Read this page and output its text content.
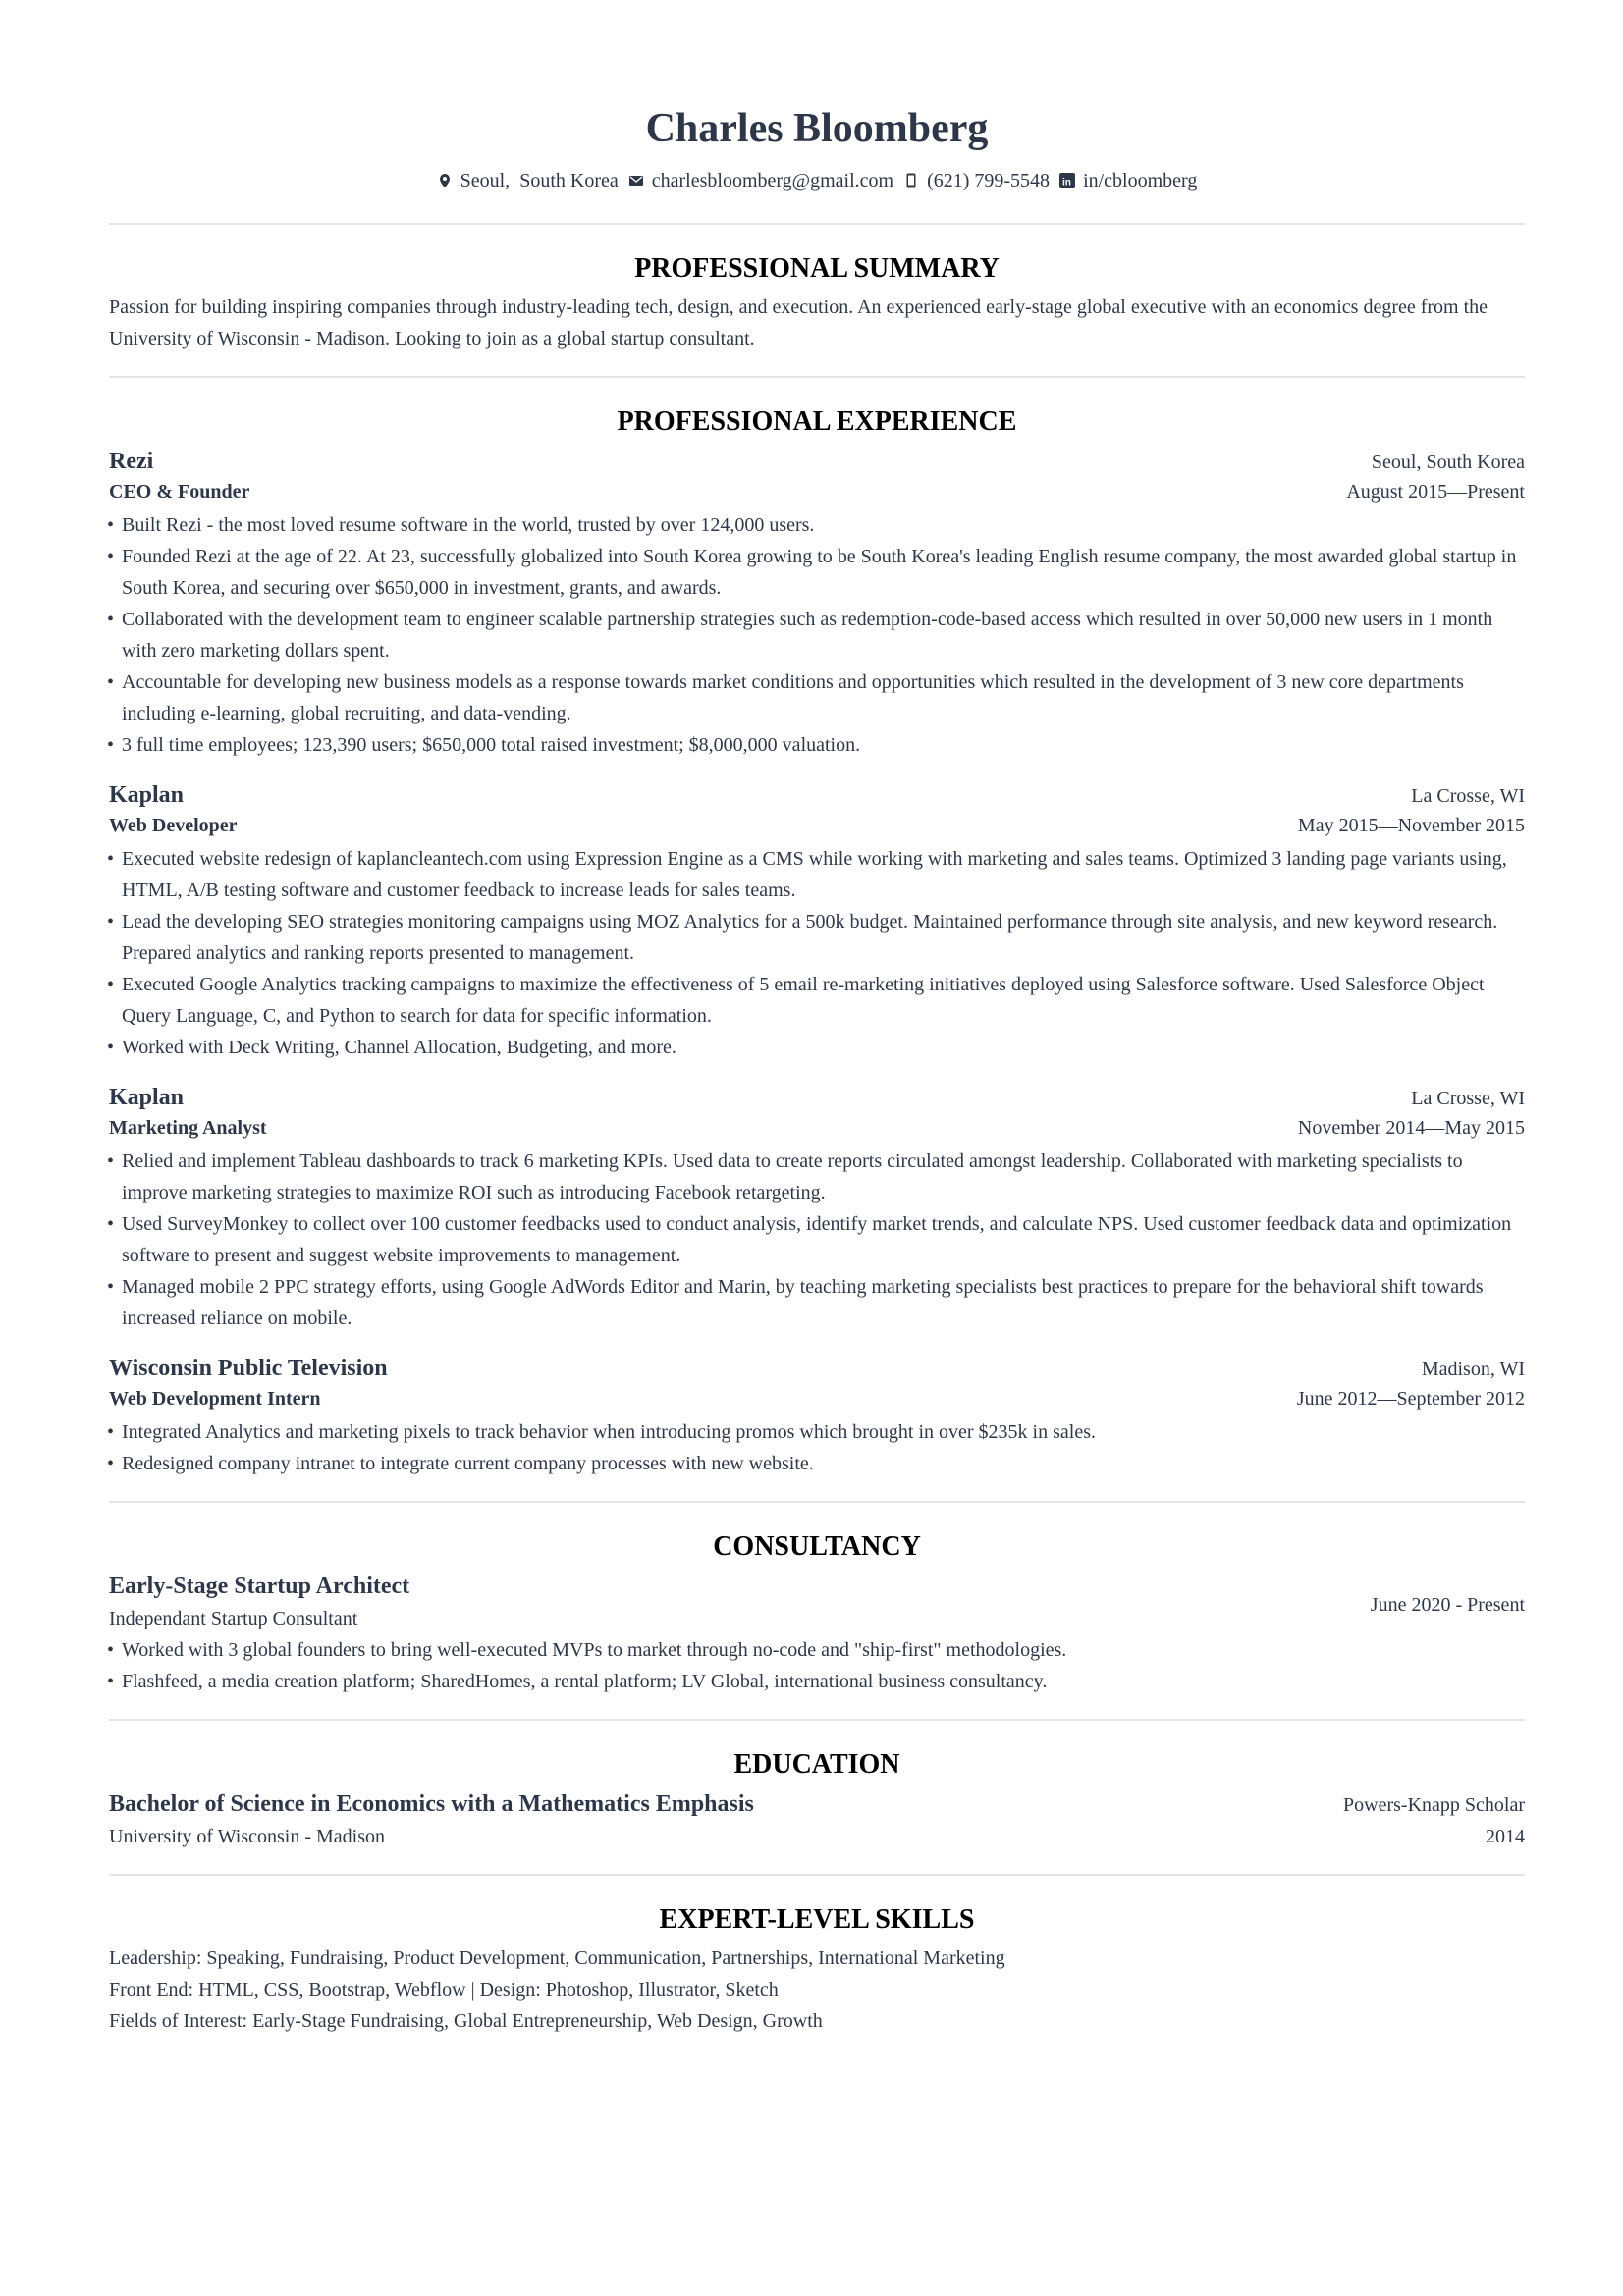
Charles Bloomberg
Seoul,  South Korea charlesbloomberg@gmail.com (621) 799-5548 in in/cbloomberg
PROFESSIONAL SUMMARY

Passion for building inspiring companies through industry-leading tech, design, and execution. An experienced early-stage global executive with an economics degree from the University of Wisconsin - Madison. Looking to join as a global startup consultant.

PROFESSIONAL EXPERIENCE
Rezi	Seoul, South Korea
CEO & Founder	August 2015—Present
• Built Rezi - the most loved resume software in the world, trusted by over 124,000 users.
• Founded Rezi at the age of 22. At 23, successfully globalized into South Korea growing to be South Korea's leading English resume company, the most awarded global startup in South Korea, and securing over $650,000 in investment, grants, and awards.
• Collaborated with the development team to engineer scalable partnership strategies such as redemption-code-based access which resulted in over 50,000 new users in 1 month with zero marketing dollars spent.
• Accountable for developing new business models as a response towards market conditions and opportunities which resulted in the development of 3 new core departments including e-learning, global recruiting, and data-vending.
• 3 full time employees; 123,390 users; $650,000 total raised investment; $8,000,000 valuation.
Kaplan	La Crosse, WI
Web Developer	May 2015—November 2015
• Executed website redesign of kaplancleantech.com using Expression Engine as a CMS while working with marketing and sales teams. Optimized 3 landing page variants using, HTML, A/B testing software and customer feedback to increase leads for sales teams.
• Lead the developing SEO strategies monitoring campaigns using MOZ Analytics for a 500k budget. Maintained performance through site analysis, and new keyword research. Prepared analytics and ranking reports presented to management.
• Executed Google Analytics tracking campaigns to maximize the effectiveness of 5 email re-marketing initiatives deployed using Salesforce software. Used Salesforce Object Query Language, C, and Python to search for data for specific information.
• Worked with Deck Writing, Channel Allocation, Budgeting, and more.
Kaplan	La Crosse, WI
Marketing Analyst	November 2014—May 2015
• Relied and implement Tableau dashboards to track 6 marketing KPIs. Used data to create reports circulated amongst leadership. Collaborated with marketing specialists to improve marketing strategies to maximize ROI such as introducing Facebook retargeting.
• Used SurveyMonkey to collect over 100 customer feedbacks used to conduct analysis, identify market trends, and calculate NPS. Used customer feedback data and optimization software to present and suggest website improvements to management.
• Managed mobile 2 PPC strategy efforts, using Google AdWords Editor and Marin, by teaching marketing specialists best practices to prepare for the behavioral shift towards increased reliance on mobile.
Wisconsin Public Television	Madison, WI
Web Development Intern	June 2012—September 2012
• Integrated Analytics and marketing pixels to track behavior when introducing promos which brought in over $235k in sales.
• Redesigned company intranet to integrate current company processes with new website.
CONSULTANCY
Early-Stage Startup Architect
Independant Startup Consultant
June 2020 - Present
• Worked with 3 global founders to bring well-executed MVPs to market through no-code and "ship-first" methodologies.
• Flashfeed, a media creation platform; SharedHomes, a rental platform; LV Global, international business consultancy.
EDUCATION
Bachelor of Science in Economics with a Mathematics Emphasis	Powers-Knapp Scholar
University of Wisconsin - Madison	2014
EXPERT-LEVEL SKILLS
Leadership: Speaking, Fundraising, Product Development, Communication, Partnerships, International Marketing
Front End: HTML, CSS, Bootstrap, Webflow | Design: Photoshop, Illustrator, Sketch
Fields of Interest: Early-Stage Fundraising, Global Entrepreneurship, Web Design, Growth
